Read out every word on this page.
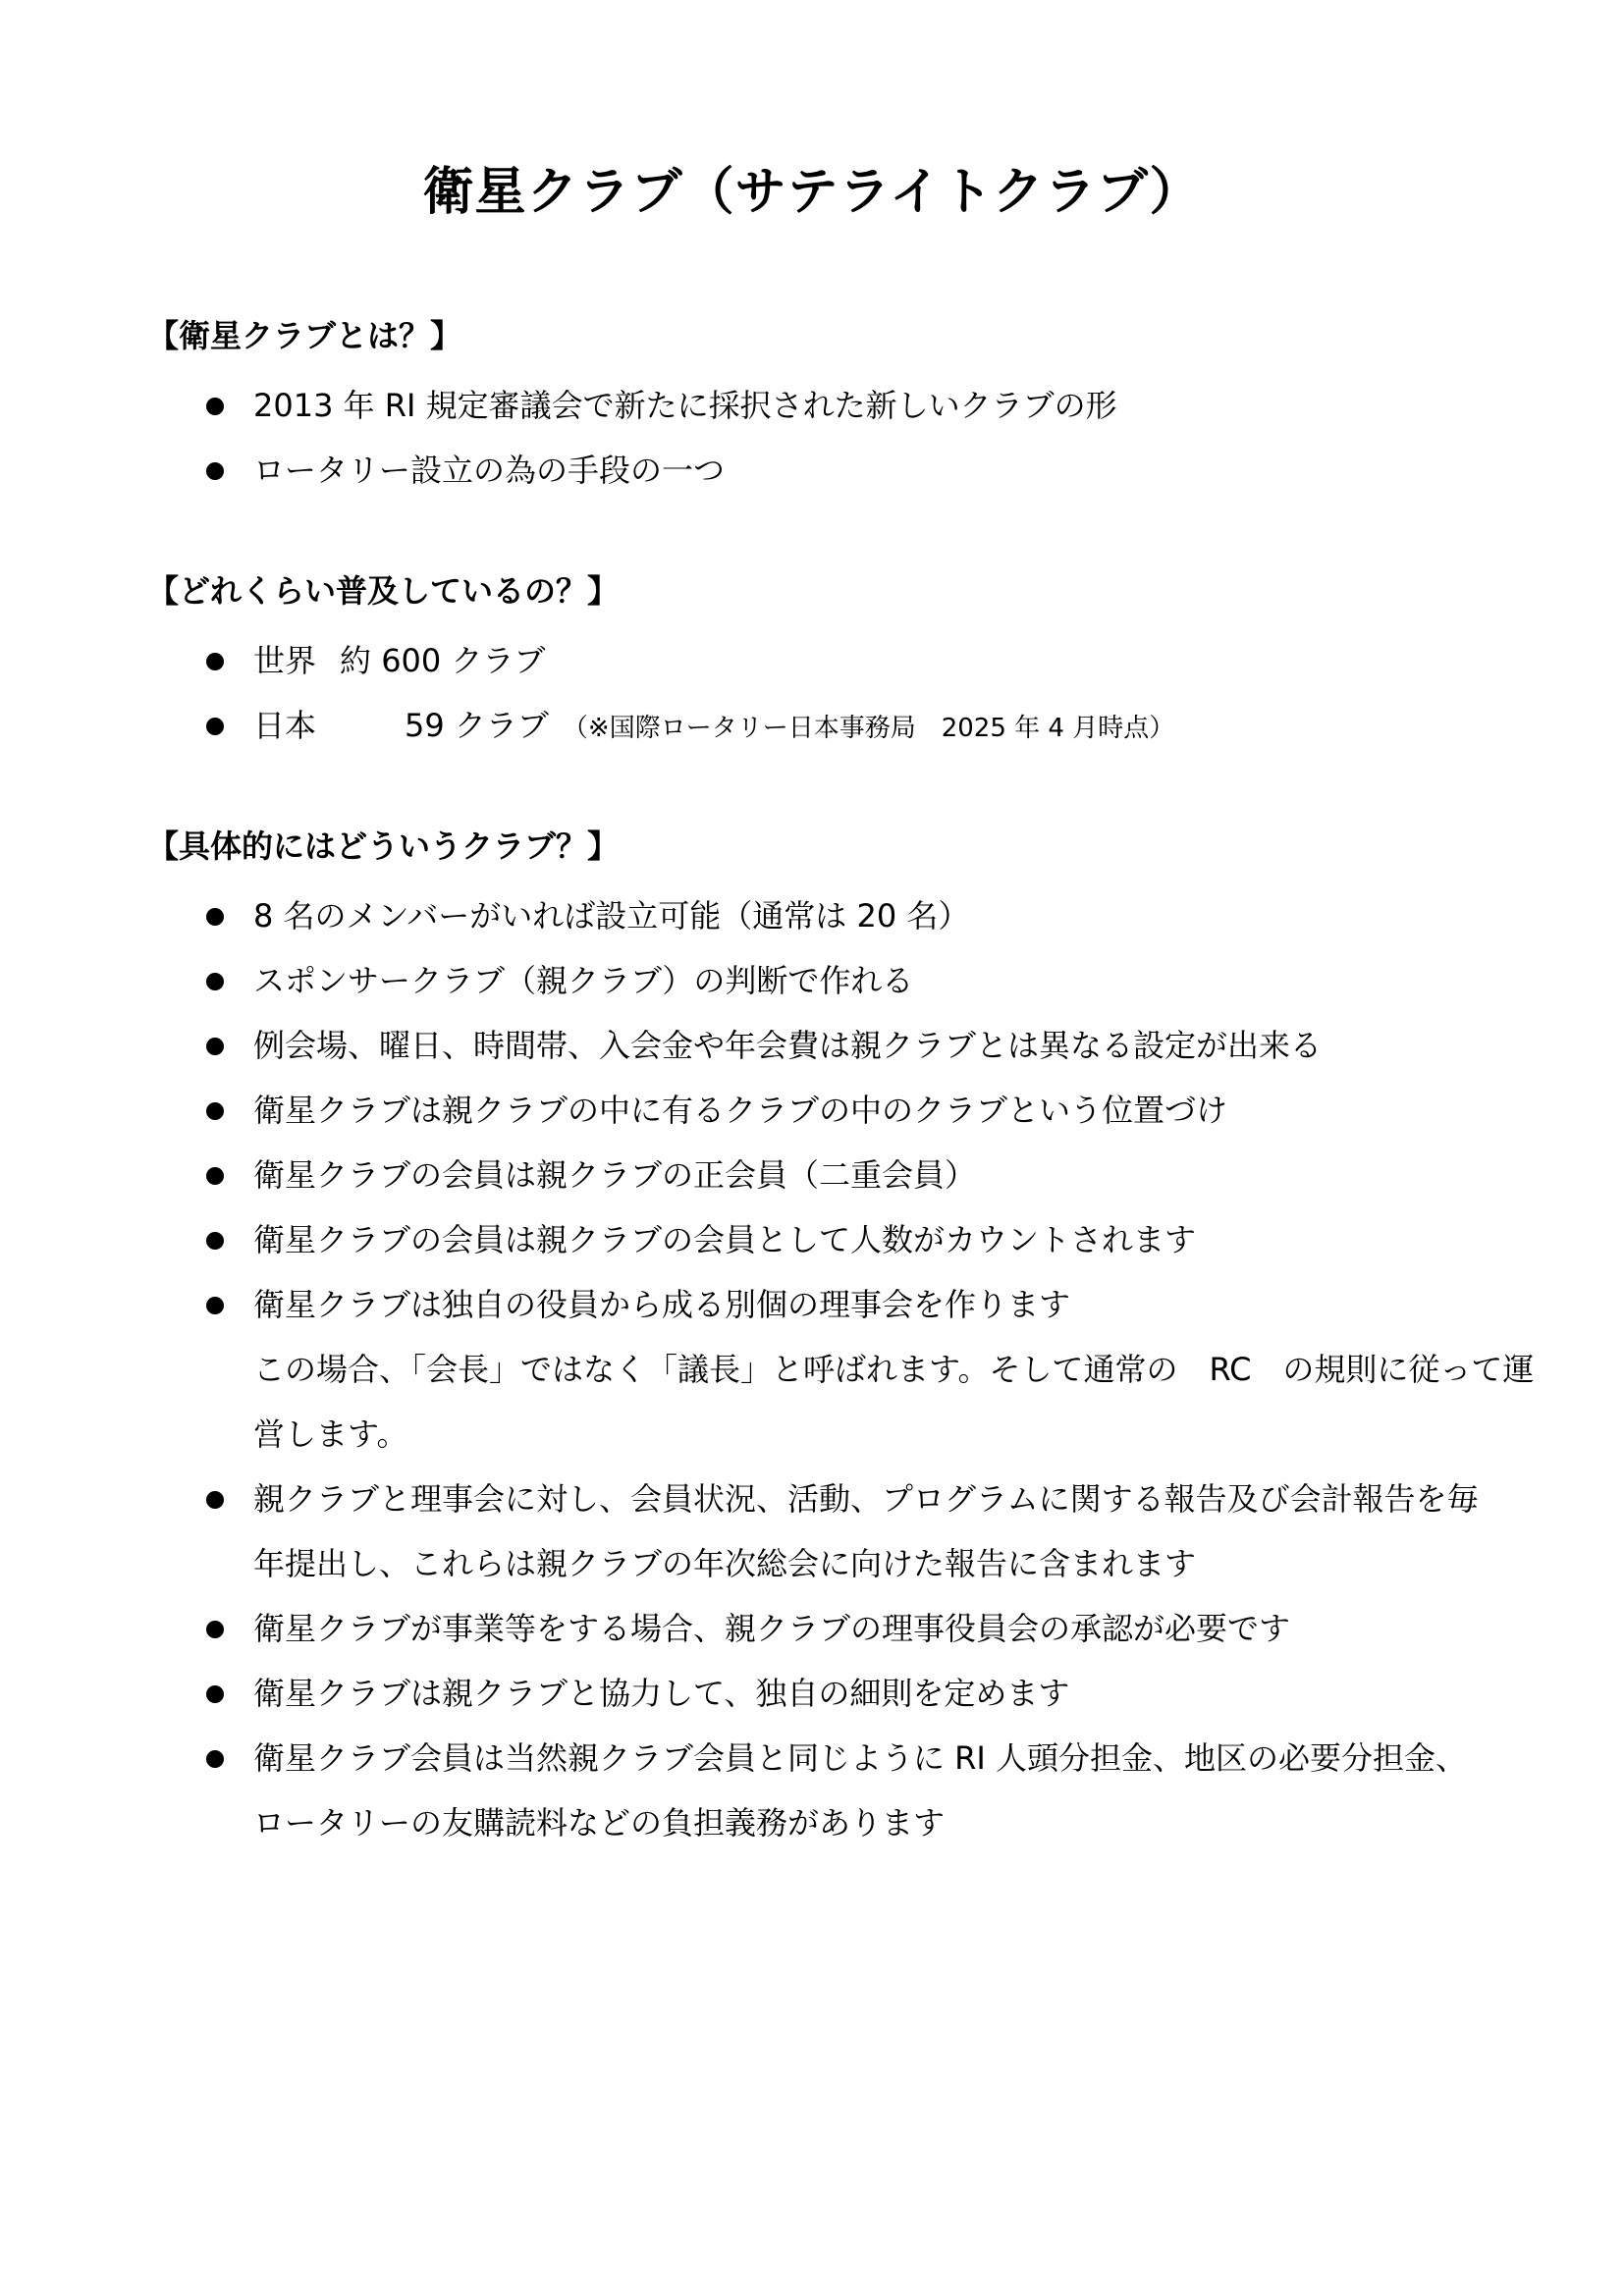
衛星クラブ（サテライトクラブ）
【衛星クラブとは？】
2013 年 RI 規定審議会で新たに採択された新しいクラブの形
ロータリー設立の為の手段の一つ
【どれくらい普及しているの？】
世界 約 600 クラブ
日本	59 クラブ （※国際ロータリー日本事務局　2025 年 4 月時点）
【具体的にはどういうクラブ？】
8 名のメンバーがいれば設立可能（通常は 20 名）
スポンサークラブ（親クラブ）の判断で作れる
例会場、曜日、時間帯、入会金や年会費は親クラブとは異なる設定が出来る
衛星クラブは親クラブの中に有るクラブの中のクラブという位置づけ
衛星クラブの会員は親クラブの正会員（二重会員）
衛星クラブの会員は親クラブの会員として人数がカウントされます
衛星クラブは独自の役員から成る別個の理事会を作ります
この場合、「会長」ではなく「議長」と呼ばれます。そして通常の　RC　の規則に従って運
営します。
親クラブと理事会に対し、会員状況、活動、プログラムに関する報告及び会計報告を毎
年提出し、これらは親クラブの年次総会に向けた報告に含まれます
衛星クラブが事業等をする場合、親クラブの理事役員会の承認が必要です
衛星クラブは親クラブと協力して、独自の細則を定めます
衛星クラブ会員は当然親クラブ会員と同じように RI 人頭分担金、地区の必要分担金、
ロータリーの友購読料などの負担義務があります
